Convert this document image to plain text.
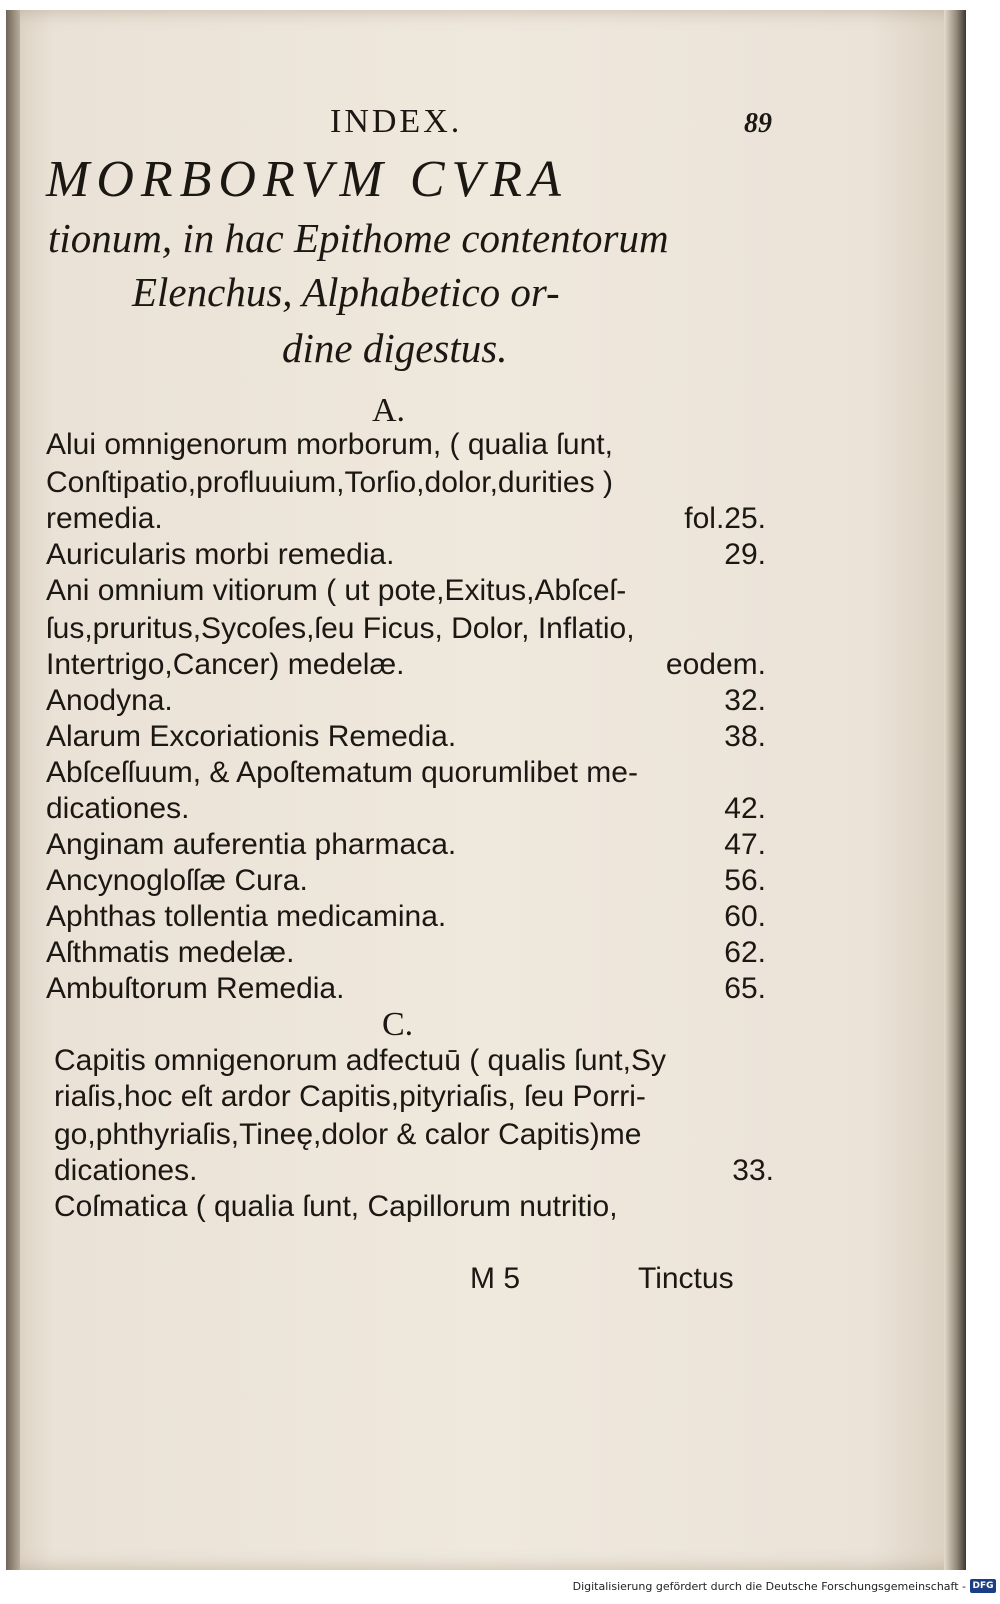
INDEX.	89
MORBORVM CVRA
tionum, in hac Epithome contentorum
Elenchus, Alphabetico or-
dine digestus.
A.
Alui omnigenorum morborum, ( qualia ſunt,
Conſtipatio,profluuium,Torſio,dolor,durities )
remedia.	fol.25.
Auricularis morbi remedia.	29.
Ani omnium vitiorum ( ut pote,Exitus,Abſceſ-
ſus,pruritus,Sycoſes,ſeu Ficus, Dolor, Inflatio,
Intertrigo,Cancer) medelæ.	eodem.
Anodyna.	32.
Alarum Excoriationis Remedia.	38.
Abſceſſuum, & Apoſtematum quorumlibet me-
dicationes.	42.
Anginam auferentia pharmaca.	47.
Ancynogloſſæ Cura.	56.
Aphthas tollentia medicamina.	60.
Aſthmatis medelæ.	62.
Ambuſtorum Remedia.	65.
C.
Capitis omnigenorum adfectuū ( qualis ſunt,Sy
riaſis,hoc eſt ardor Capitis,pityriaſis, ſeu Porri-
go,phthyriaſis,Tineę,dolor & calor Capitis)me
dicationes.	33.
Coſmatica ( qualia ſunt, Capillorum nutritio,
M 5	Tinctus
Digitalisierung gefördert durch die Deutsche Forschungsgemeinschaft - DFG
